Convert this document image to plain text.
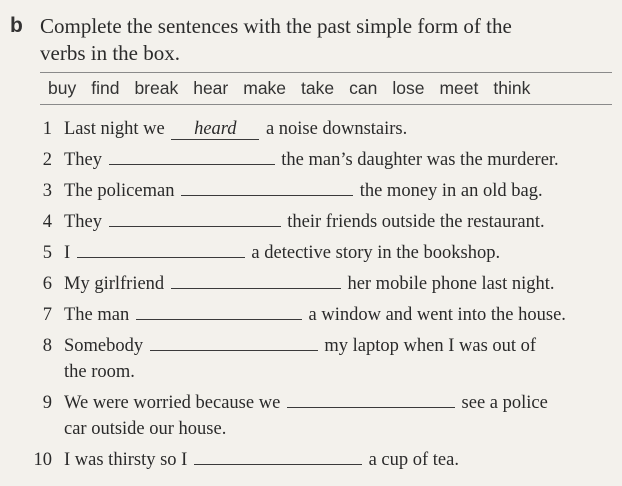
b Complete the sentences with the past simple form of the
verbs in the box.
buy find break hear make take can lose meet think
1 Last night we heard a noise downstairs.
2 They	the man’s daughter was the murderer.
3 The policeman	the money in an old bag.
4 They	their friends outside the restaurant.
5 I	a detective story in the bookshop.
6 My girlfriend	her mobile phone last night.
7 The man	a window and went into the house.
8 Somebody	my laptop when I was out of
the room.
9 We were worried because we	see a police
car outside our house.
10 I was thirsty so I	a cup of tea.
